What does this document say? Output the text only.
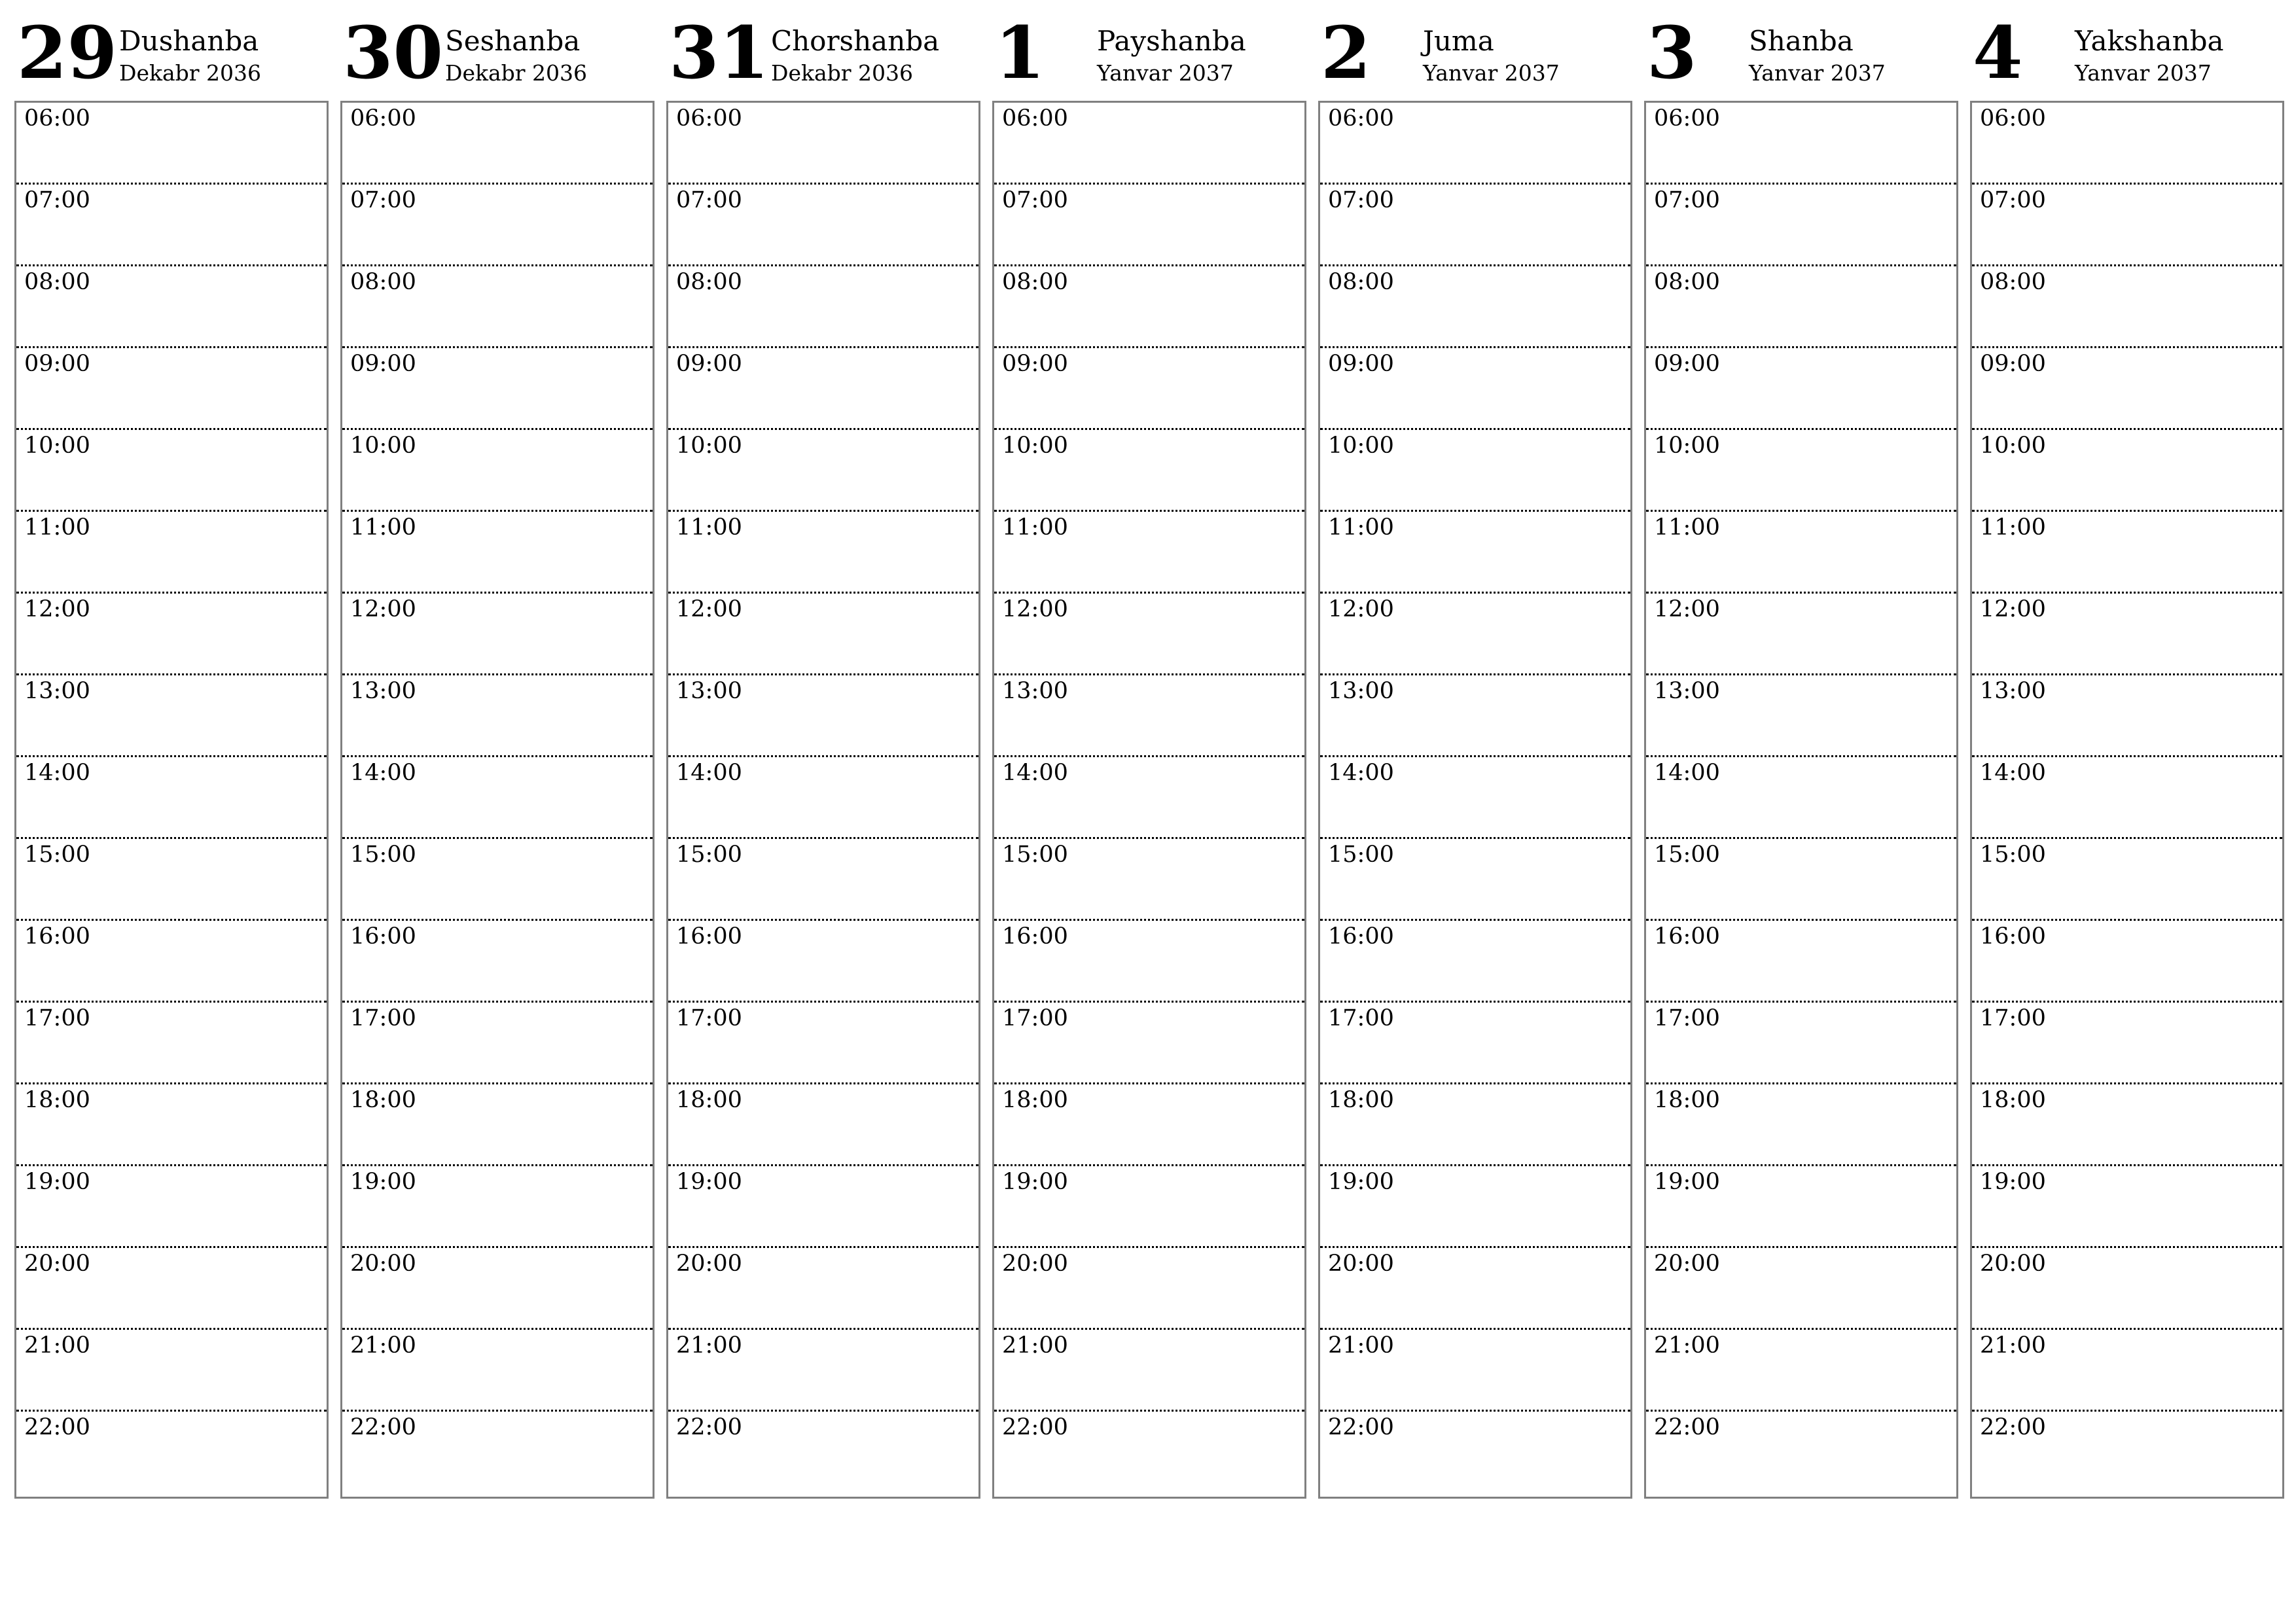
29 Dushanba
Dekabr 2036
06:00
07:00
08:00
09:00
10:00
11:00
12:00
13:00
14:00
15:00
16:00
17:00
18:00
19:00
20:00
21:00
22:00
30 Seshanba
Dekabr 2036
06:00
07:00
08:00
09:00
10:00
11:00
12:00
13:00
14:00
15:00
16:00
17:00
18:00
19:00
20:00
21:00
22:00
31 Chorshanba
Dekabr 2036
06:00
07:00
08:00
09:00
10:00
11:00
12:00
13:00
14:00
15:00
16:00
17:00
18:00
19:00
20:00
21:00
22:00
1 Payshanba
Yanvar 2037
06:00
07:00
08:00
09:00
10:00
11:00
12:00
13:00
14:00
15:00
16:00
17:00
18:00
19:00
20:00
21:00
22:00
2 Juma
Yanvar 2037
06:00
07:00
08:00
09:00
10:00
11:00
12:00
13:00
14:00
15:00
16:00
17:00
18:00
19:00
20:00
21:00
22:00
3 Shanba
Yanvar 2037
06:00
07:00
08:00
09:00
10:00
11:00
12:00
13:00
14:00
15:00
16:00
17:00
18:00
19:00
20:00
21:00
22:00
4 Yakshanba
Yanvar 2037
06:00
07:00
08:00
09:00
10:00
11:00
12:00
13:00
14:00
15:00
16:00
17:00
18:00
19:00
20:00
21:00
22:00
